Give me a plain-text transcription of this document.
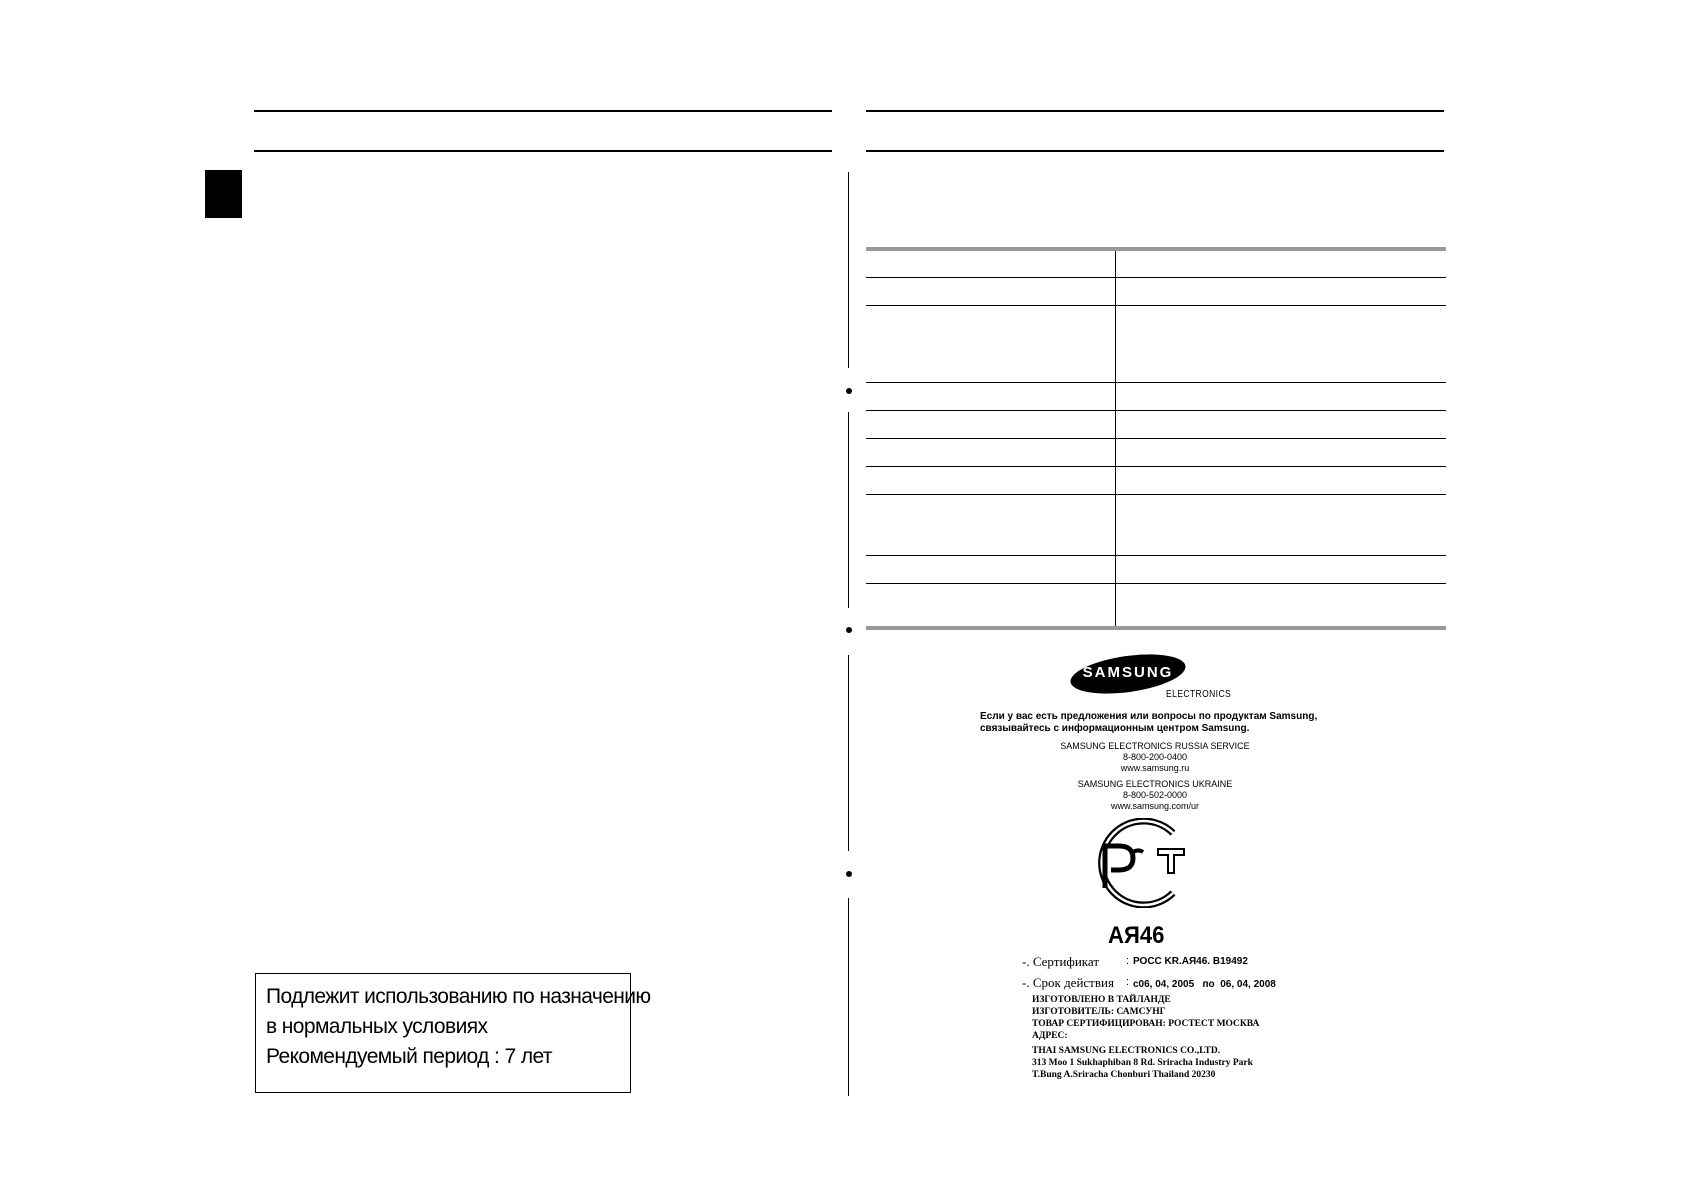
SAMSUNG
ELECTRONICS
Если у вас есть предложения или вопросы по продуктам Samsung,
связывайтесь с информационным центром Samsung.
SAMSUNG ELECTRONICS RUSSIA SERVICE
8-800-200-0400
www.samsung.ru
SAMSUNG ELECTRONICS UKRAINE
8-800-502-0000
www.samsung.com/ur
АЯ46
-. Сертификат : РОСС KR.АЯ46. B19492
-. Срок действия : с06, 04, 2005   по  06, 04, 2008
ИЗГОТОВЛЕНО В ТАЙЛАНДЕ
ИЗГОТОВИТЕЛЬ: САМСУНГ
ТОВАР СЕРТИФИЦИРОВАН: РОСТЕСТ МОСКВА
АДРЕС:
THAI SAMSUNG ELECTRONICS CO.,LTD.
313 Moo 1 Sukhaphiban 8 Rd. Sriracha Industry Park
T.Bung A.Sriracha Chonburi Thailand 20230
Подлежит использованию по назначению
в нормальных условиях
Рекомендуемый период : 7 лет
